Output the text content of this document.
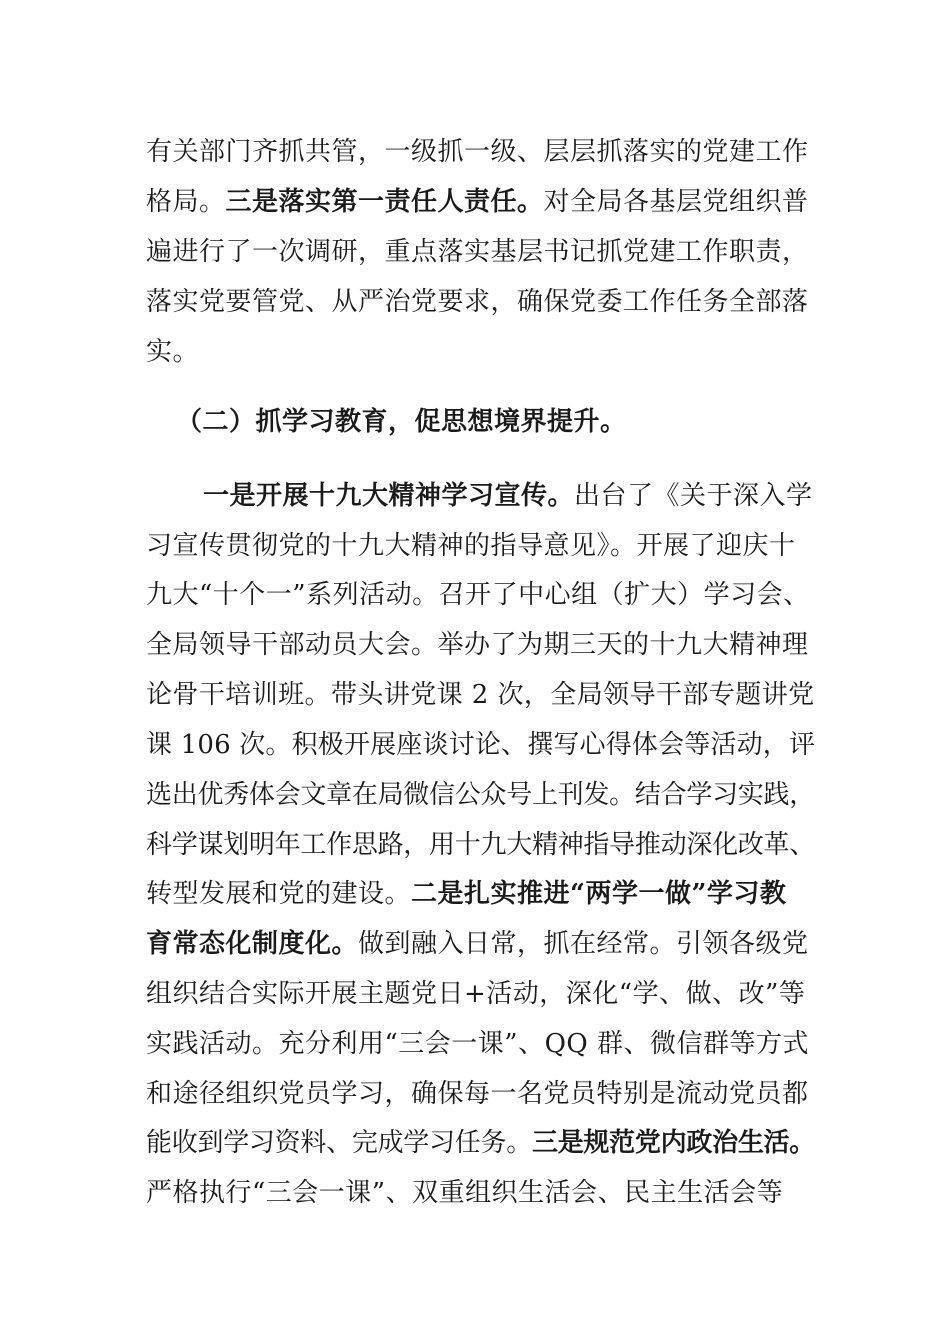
有关部门齐抓共管，一级抓一级、层层抓落实的党建工作
格局。三是落实第一责任人责任。对全局各基层党组织普
遍进行了一次调研，重点落实基层书记抓党建工作职责，
落实党要管党、从严治党要求，确保党委工作任务全部落
实。
（二）抓学习教育，促思想境界提升。
一是开展十九大精神学习宣传。出台了《关于深入学
习宣传贯彻党的十九大精神的指导意见》。开展了迎庆十
九大“十个一”系列活动。召开了中心组（扩大）学习会、
全局领导干部动员大会。举办了为期三天的十九大精神理
论骨干培训班。带头讲党课 2 次，全局领导干部专题讲党
课 106 次。积极开展座谈讨论、撰写心得体会等活动，评
选出优秀体会文章在局微信公众号上刊发。结合学习实践，
科学谋划明年工作思路，用十九大精神指导推动深化改革、
转型发展和党的建设。二是扎实推进“两学一做”学习教
育常态化制度化。做到融入日常，抓在经常。引领各级党
组织结合实际开展主题党日+活动，深化“学、做、改”等
实践活动。充分利用“三会一课”、QQ 群、微信群等方式
和途径组织党员学习，确保每一名党员特别是流动党员都
能收到学习资料、完成学习任务。三是规范党内政治生活。
严格执行“三会一课”、双重组织生活会、民主生活会等
